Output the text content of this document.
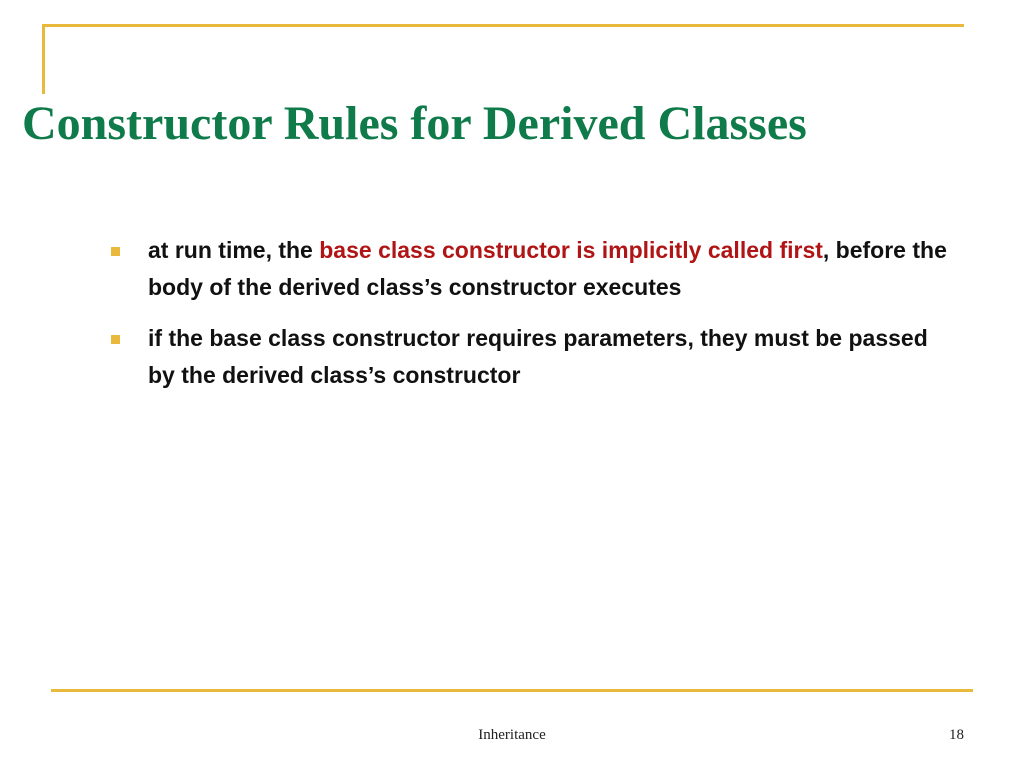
Constructor Rules for Derived Classes
at run time, the base class constructor is implicitly called first, before the body of the derived class’s constructor executes
if the base class constructor requires parameters, they must be passed by the derived class’s constructor
Inheritance	18
